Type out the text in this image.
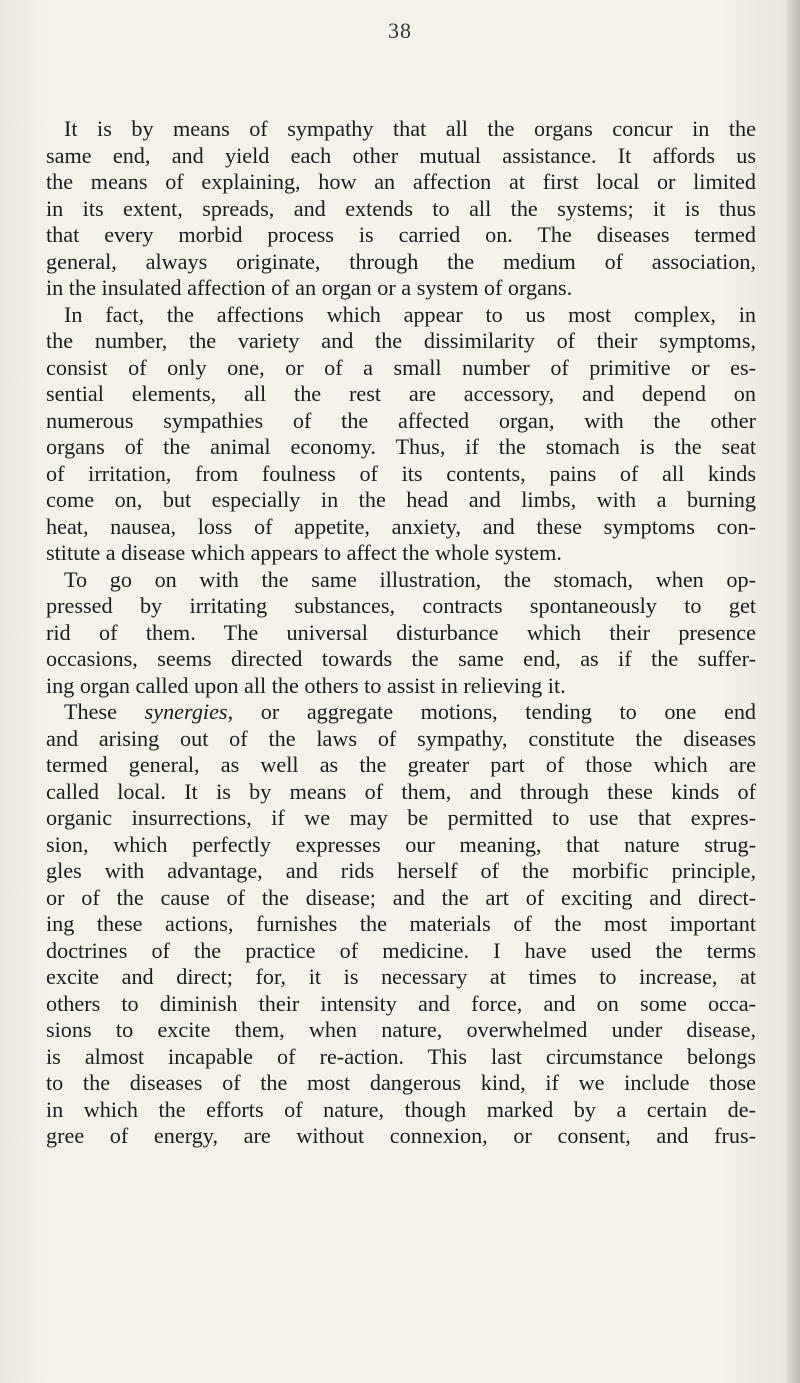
38
It is by means of sympathy that all the organs concur in the
same end, and yield each other mutual assistance. It affords us
the means of explaining, how an affection at first local or limited
in its extent, spreads, and extends to all the systems; it is thus
that every morbid process is carried on. The diseases termed
general, always originate, through the medium of association,
in the insulated affection of an organ or a system of organs.
In fact, the affections which appear to us most complex, in
the number, the variety and the dissimilarity of their symptoms,
consist of only one, or of a small number of primitive or es-
sential elements, all the rest are accessory, and depend on
numerous sympathies of the affected organ, with the other
organs of the animal economy. Thus, if the stomach is the seat
of irritation, from foulness of its contents, pains of all kinds
come on, but especially in the head and limbs, with a burning
heat, nausea, loss of appetite, anxiety, and these symptoms con-
stitute a disease which appears to affect the whole system.
To go on with the same illustration, the stomach, when op-
pressed by irritating substances, contracts spontaneously to get
rid of them. The universal disturbance which their presence
occasions, seems directed towards the same end, as if the suffer-
ing organ called upon all the others to assist in relieving it.
These synergies, or aggregate motions, tending to one end
and arising out of the laws of sympathy, constitute the diseases
termed general, as well as the greater part of those which are
called local. It is by means of them, and through these kinds of
organic insurrections, if we may be permitted to use that expres-
sion, which perfectly expresses our meaning, that nature strug-
gles with advantage, and rids herself of the morbific principle,
or of the cause of the disease; and the art of exciting and direct-
ing these actions, furnishes the materials of the most important
doctrines of the practice of medicine. I have used the terms
excite and direct; for, it is necessary at times to increase, at
others to diminish their intensity and force, and on some occa-
sions to excite them, when nature, overwhelmed under disease,
is almost incapable of re-action. This last circumstance belongs
to the diseases of the most dangerous kind, if we include those
in which the efforts of nature, though marked by a certain de-
gree of energy, are without connexion, or consent, and frus-
